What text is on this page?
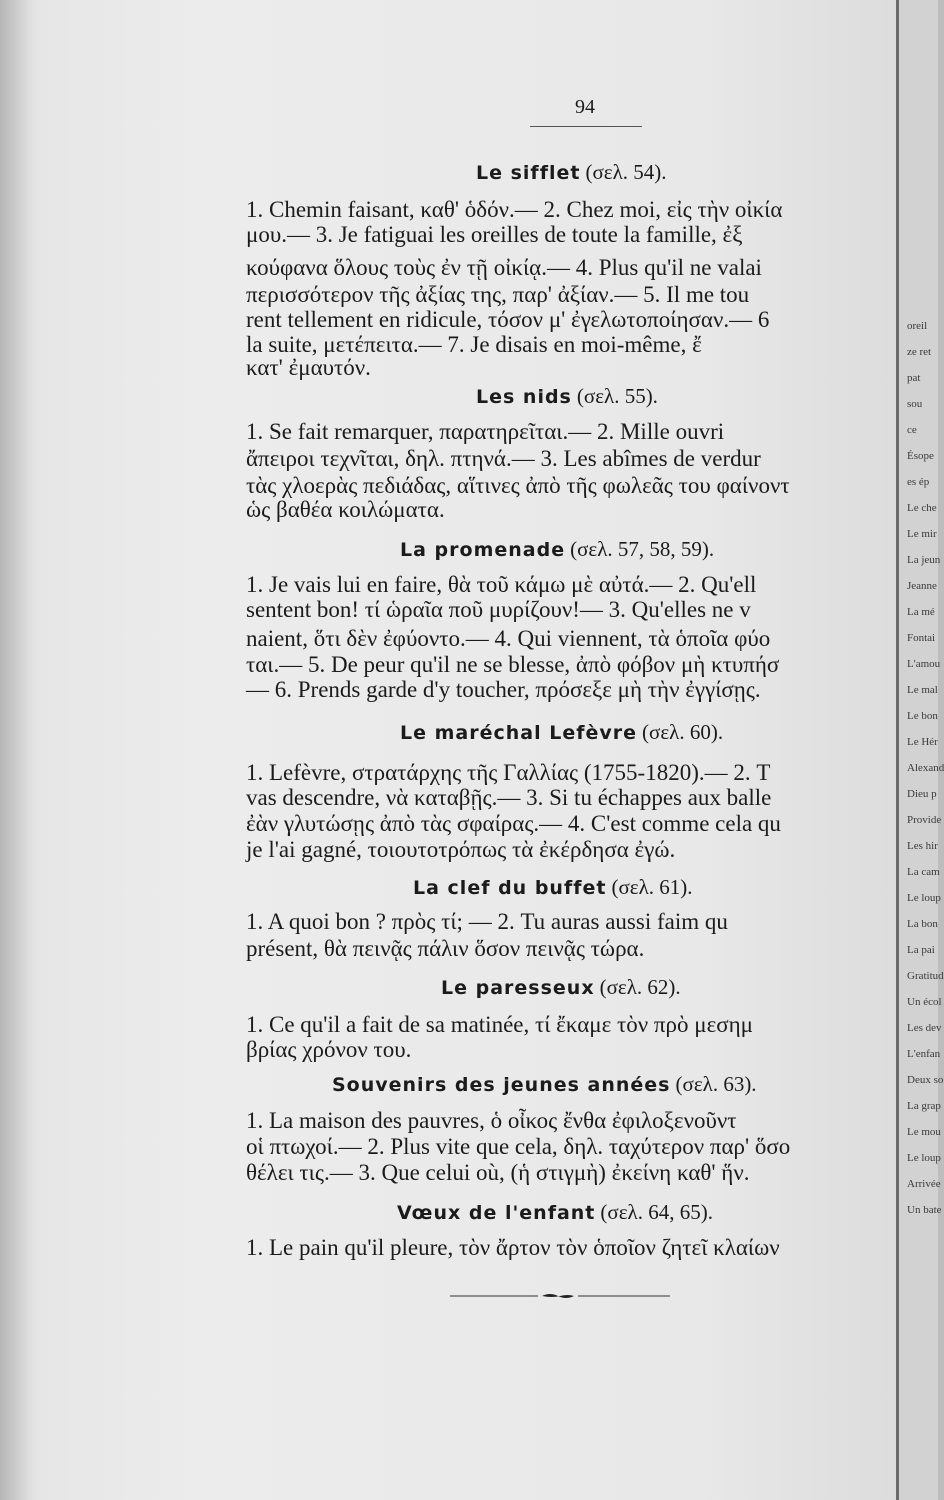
94
Le sifflet (σελ. 54).
1. Chemin faisant, καθ' ὁδόν.— 2. Chez moi, εἰς τὴν οἰκία
μου.— 3. Je fatiguai les oreilles de toute la famille, ἐξ
κούφανα ὅλους τοὺς ἐν τῇ οἰκίᾳ.— 4. Plus qu'il ne valai
περισσότερον τῆς ἀξίας της, παρ' ἀξίαν.— 5. Il me tou
rent tellement en ridicule, τόσον μ' ἐγελωτοποίησαν.— 6
la suite, μετέπειτα.— 7. Je disais en moi-même, ἔ
κατ' ἐμαυτόν.
Les nids (σελ. 55).
1. Se fait remarquer, παρατηρεῖται.— 2. Mille ouvri
ἄπειροι τεχνῖται, δηλ. πτηνά.— 3. Les abîmes de verdur
τὰς χλοερὰς πεδιάδας, αἵτινες ἀπὸ τῆς φωλεᾶς του φαίνοντ
ὡς βαθέα κοιλώματα.
La promenade (σελ. 57, 58, 59).
1. Je vais lui en faire, θὰ τοῦ κάμω μὲ αὐτά.— 2. Qu'ell
sentent bon! τί ὡραῖα ποῦ μυρίζουν!— 3. Qu'elles ne v
naient, ὅτι δὲν ἐφύοντο.— 4. Qui viennent, τὰ ὁποῖα φύο
ται.— 5. De peur qu'il ne se blesse, ἀπὸ φόβον μὴ κτυπήσ
— 6. Prends garde d'y toucher, πρόσεξε μὴ τὴν ἐγγίσῃς.
Le maréchal Lefèvre (σελ. 60).
1. Lefèvre, στρατάρχης τῆς Γαλλίας (1755-1820).— 2. T
vas descendre, νὰ καταβῇς.— 3. Si tu échappes aux balle
ἐὰν γλυτώσῃς ἀπὸ τὰς σφαίρας.— 4. C'est comme cela qu
je l'ai gagné, τοιουτοτρόπως τὰ ἐκέρδησα ἐγώ.
La clef du buffet (σελ. 61).
1. A quoi bon ? πρὸς τί; — 2. Tu auras aussi faim qu
présent, θὰ πεινᾷς πάλιν ὅσον πεινᾷς τώρα.
Le paresseux (σελ. 62).
1. Ce qu'il a fait de sa matinée, τί ἔκαμε τὸν πρὸ μεσημ
βρίας χρόνον του.
Souvenirs des jeunes années (σελ. 63).
1. La maison des pauvres, ὁ οἶκος ἔνθα ἐφιλοξενοῦντ
οἱ πτωχοί.— 2. Plus vite que cela, δηλ. ταχύτερον παρ' ὅσο
θέλει τις.— 3. Que celui où, (ἡ στιγμὴ) ἐκείνη καθ' ἥν.
Vœux de l'enfant (σελ. 64, 65).
1. Le pain qu'il pleure, τὸν ἄρτον τὸν ὁποῖον ζητεῖ κλαίων
oreil
ze ret
pat
sou
ce
Ésope
es ép
Le che
Le mir
La jeun
Jeanne
La mé
Fontai
L'amou
Le mal
Le bon
Le Hér
Alexand
Dieu p
Provide
Les hir
La cam
Le loup
La bon
La pai
Gratitud
Un écol
Les dev
L'enfan
Deux so
La grap
Le mou
Le loup
Arrivée
Un bate
